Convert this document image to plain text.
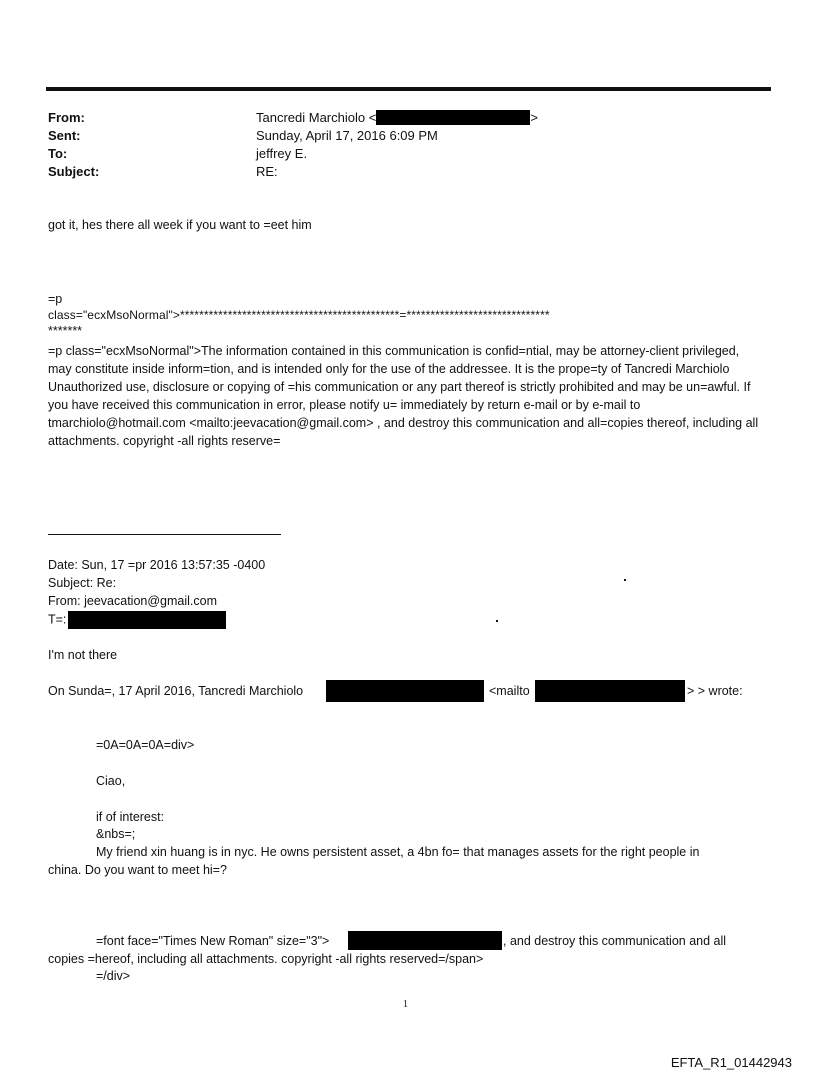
From:	Tancredi Marchiolo <	>
Sent:	Sunday, April 17, 2016 6:09 PM
To:	jeffrey E.
Subject:	RE:
got it, hes there all week if you want to =eet him
=p
class="ecxMsoNormal">**********************************************=******************************
*******
=p class="ecxMsoNormal">The information contained in this communication is confid=ntial, may be attorney-client privileged, may constitute inside inform=tion, and is intended only for the use of the addressee. It is the prope=ty of Tancredi Marchiolo Unauthorized use, disclosure or copying of =his communication or any part thereof is strictly prohibited and may be un=awful. If you have received this communication in error, please notify u= immediately by return e-mail or by e-mail to tmarchiolo@hotmail.com <mailto:jeevacation@gmail.com> , and destroy this communication and all=copies thereof, including all attachments. copyright -all rights reserve=
Date: Sun, 17 =pr 2016 13:57:35 -0400
Subject: Re:
From: jeevacation@gmail.com
T=:
I'm not there
On Sunda=, 17 April 2016, Tancredi Marchiolo	<mailto	> > wrote:
=0A=0A=0A=div>
Ciao,
if of interest:
&nbs=;
My friend xin huang is in nyc. He owns persistent asset, a 4bn fo= that manages assets for the right people in
china. Do you want to meet hi=?
=font face="Times New Roman" size="3">	, and destroy this communication and all
copies =hereof, including all attachments. copyright -all rights reserved=/span>
=/div>
1
EFTA_R1_01442943
